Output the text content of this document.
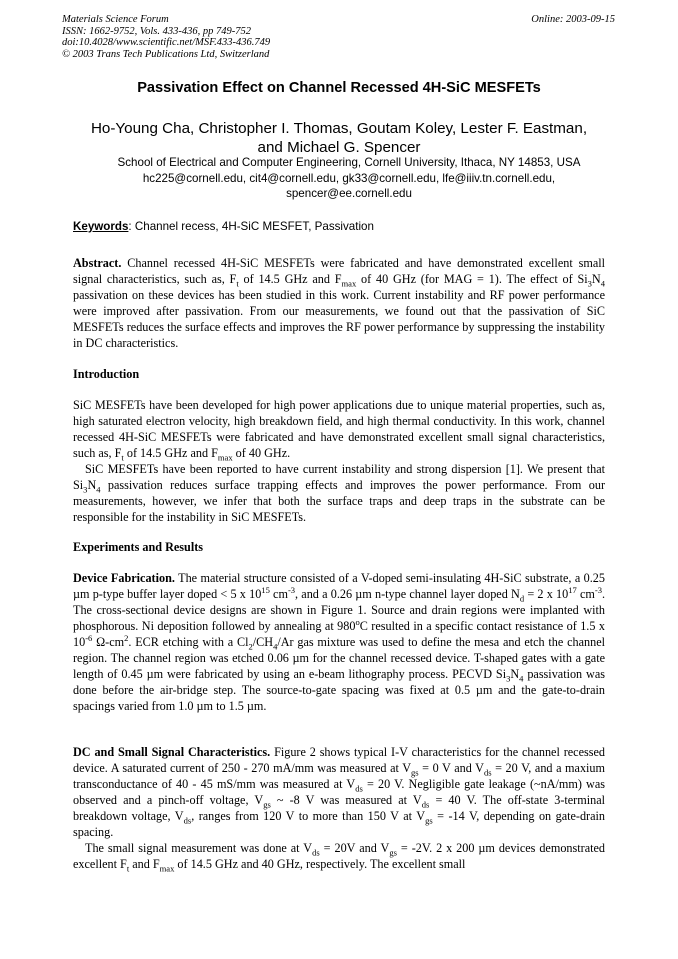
Materials Science Forum
ISSN: 1662-9752, Vols. 433-436, pp 749-752
doi:10.4028/www.scientific.net/MSF.433-436.749
© 2003 Trans Tech Publications Ltd, Switzerland
Online: 2003-09-15
Passivation Effect on Channel Recessed 4H-SiC MESFETs
Ho-Young Cha, Christopher I. Thomas, Goutam Koley, Lester F. Eastman,
and Michael G. Spencer
School of Electrical and Computer Engineering, Cornell University, Ithaca, NY 14853, USA
hc225@cornell.edu, cit4@cornell.edu, gk33@cornell.edu, lfe@iiiv.tn.cornell.edu,
spencer@ee.cornell.edu
Keywords: Channel recess, 4H-SiC MESFET, Passivation

Abstract. Channel recessed 4H-SiC MESFETs were fabricated and have demonstrated excellent small signal characteristics, such as, $F_t$ of 14.5 GHz and $F_{max}$ of 40 GHz (for MAG = 1). The effect of $Si_3N_4$ passivation on these devices has been studied in this work. Current instability and RF power performance were improved after passivation. From our measurements, we found out that the passivation of SiC MESFETs reduces the surface effects and improves the RF power performance by suppressing the instability in DC characteristics.

Introduction

SiC MESFETs have been developed for high power applications due to unique material properties, such as, high saturated electron velocity, high breakdown field, and high thermal conductivity. In this work, channel recessed 4H-SiC MESFETs were fabricated and have demonstrated excellent small signal characteristics, such as, $F_t$ of 14.5 GHz and $F_{max}$ of 40 GHz.

SiC MESFETs have been reported to have current instability and strong dispersion [1]. We present that $Si_3N_4$ passivation reduces surface trapping effects and improves the power performance. From our measurements, however, we infer that both the surface traps and deep traps in the substrate can be responsible for the instability in SiC MESFETs.

Experiments and Results

Device Fabrication. The material structure consisted of a V-doped semi-insulating 4H-SiC substrate, a 0.25 µm p-type buffer layer doped < 5 x $10^{15}$ $cm^{-3}$, and a 0.26 µm n-type channel layer doped $N_d = 2$ x $10^{17}$ $cm^{-3}$. The cross-sectional device designs are shown in Figure 1. Source and drain regions were implanted with phosphorous. Ni deposition followed by annealing at 980$^o$C resulted in a specific contact resistance of 1.5 x $10^{-6}$ $\Omega-cm^2$. ECR etching with a $Cl_2/CH_4/Ar$ gas mixture was used to define the mesa and etch the channel region. The channel region was etched 0.06 µm for the channel recessed device. T-shaped gates with a gate length of 0.45 µm were fabricated by using an e-beam lithography process. PECVD $Si_3N_4$ passivation was done before the air-bridge step. The source-to-gate spacing was fixed at 0.5 µm and the gate-to-drain spacings varied from 1.0 µm to 1.5 µm.

DC and Small Signal Characteristics. Figure 2 shows typical I-V characteristics for the channel recessed device. A saturated current of 250 - 270 mA/mm was measured at $V_{gs} = 0$ V and $V_{ds} = 20$ V, and a maxium transconductance of 40 - 45 mS/mm was measured at $V_{ds} = 20$ V. Negligible gate leakage (~nA/mm) was observed and a pinch-off voltage, $V_{gs}$ ~ -8 V was measured at $V_{ds} = 40$ V. The off-state 3-terminal breakdown voltage, $V_{ds}$, ranges from 120 V to more than 150 V at $V_{gs} = -14$ V, depending on gate-drain spacing.

The small signal measurement was done at $V_{ds} = 20V$ and $V_{gs} = -2V$. 2 x 200 µm devices demonstrated excellent $F_t$ and $F_{max}$ of 14.5 GHz and 40 GHz, respectively. The excellent small
